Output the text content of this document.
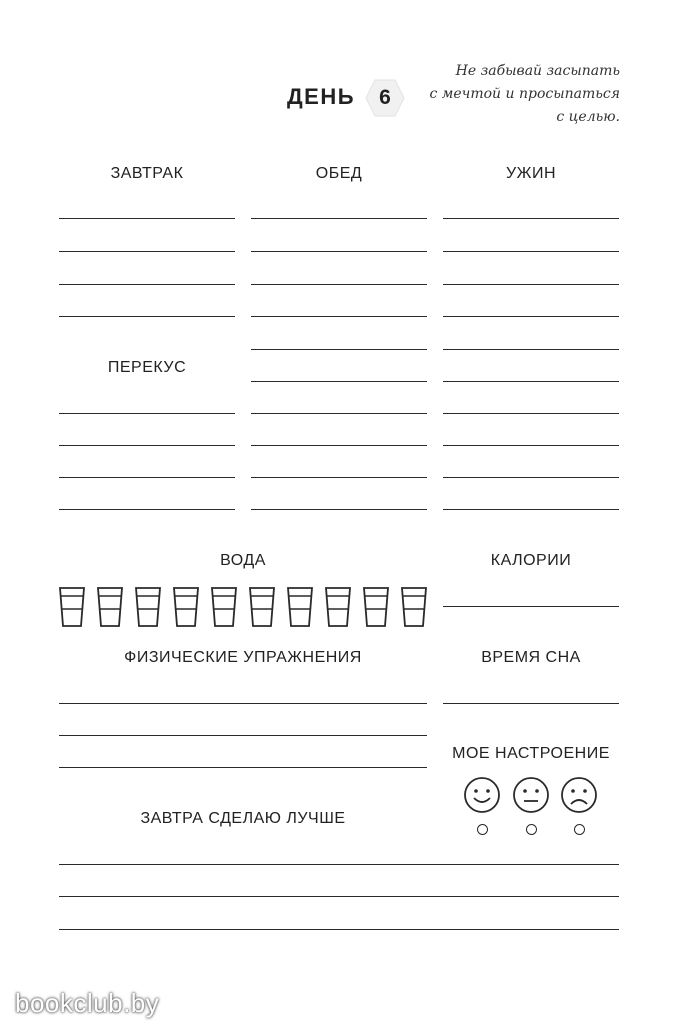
ДЕНЬ	6
Не забывай засыпать
с мечтой и просыпаться
с целью.
ЗАВТРАК	ОБЕД	УЖИН
ПЕРЕКУС
ВОДА	КАЛОРИИ
ФИЗИЧЕСКИЕ УПРАЖНЕНИЯ	ВРЕМЯ СНА
МОЕ НАСТРОЕНИЕ
ЗАВТРА СДЕЛАЮ ЛУЧШЕ
bookclub.by
